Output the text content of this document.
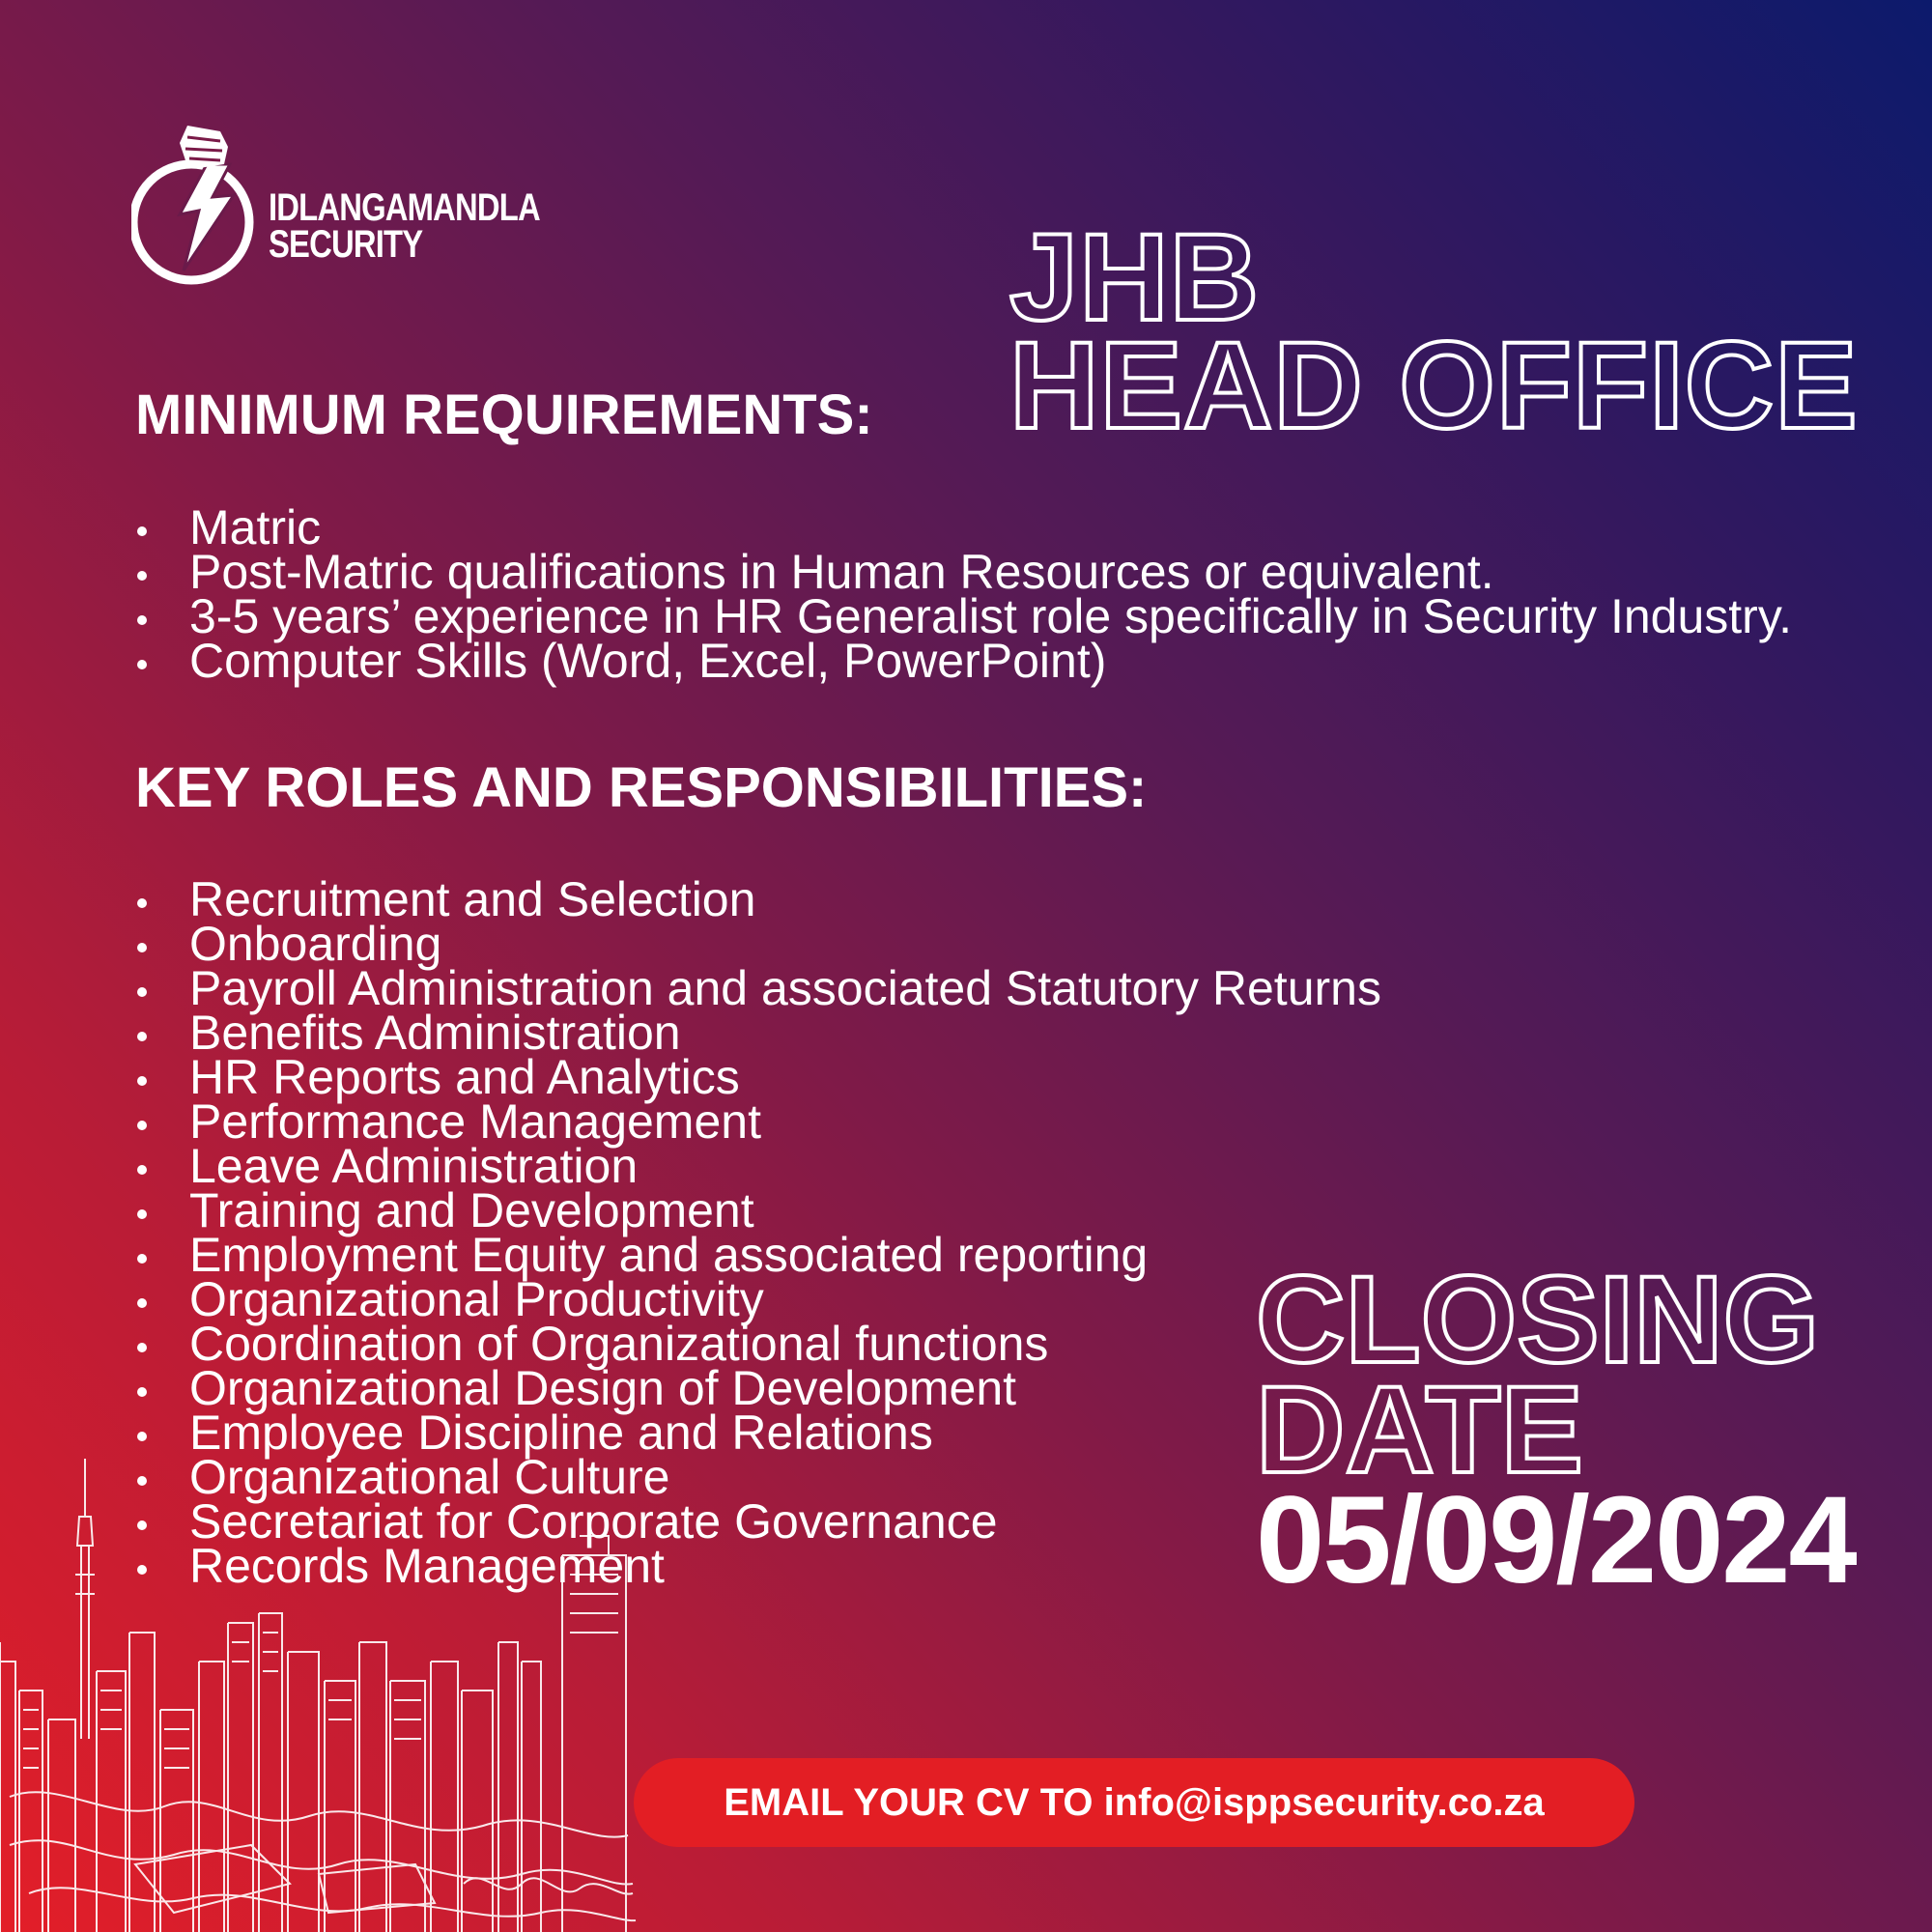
IDLANGAMANDLA
SECURITY	JHB
HEAD OFFICE
MINIMUM REQUIREMENTS:
Matric
Post-Matric qualifications in Human Resources or equivalent.
3-5 years’ experience in HR Generalist role specifically in Security Industry.
Computer Skills (Word, Excel, PowerPoint)
KEY ROLES AND RESPONSIBILITIES:
Recruitment and Selection
Onboarding
Payroll Administration and associated Statutory Returns
Benefits Administration
HR Reports and Analytics
Performance Management
Leave Administration
Training and Development
Employment Equity and associated reporting
Organizational Productivity
Coordination of Organizational functions
Organizational Design of Development
Employee Discipline and Relations
Organizational Culture
Secretariat for Corporate Governance
Records Management
CLOSING
DATE
05/09/2024
EMAIL YOUR CV TO info@isppsecurity.co.za
